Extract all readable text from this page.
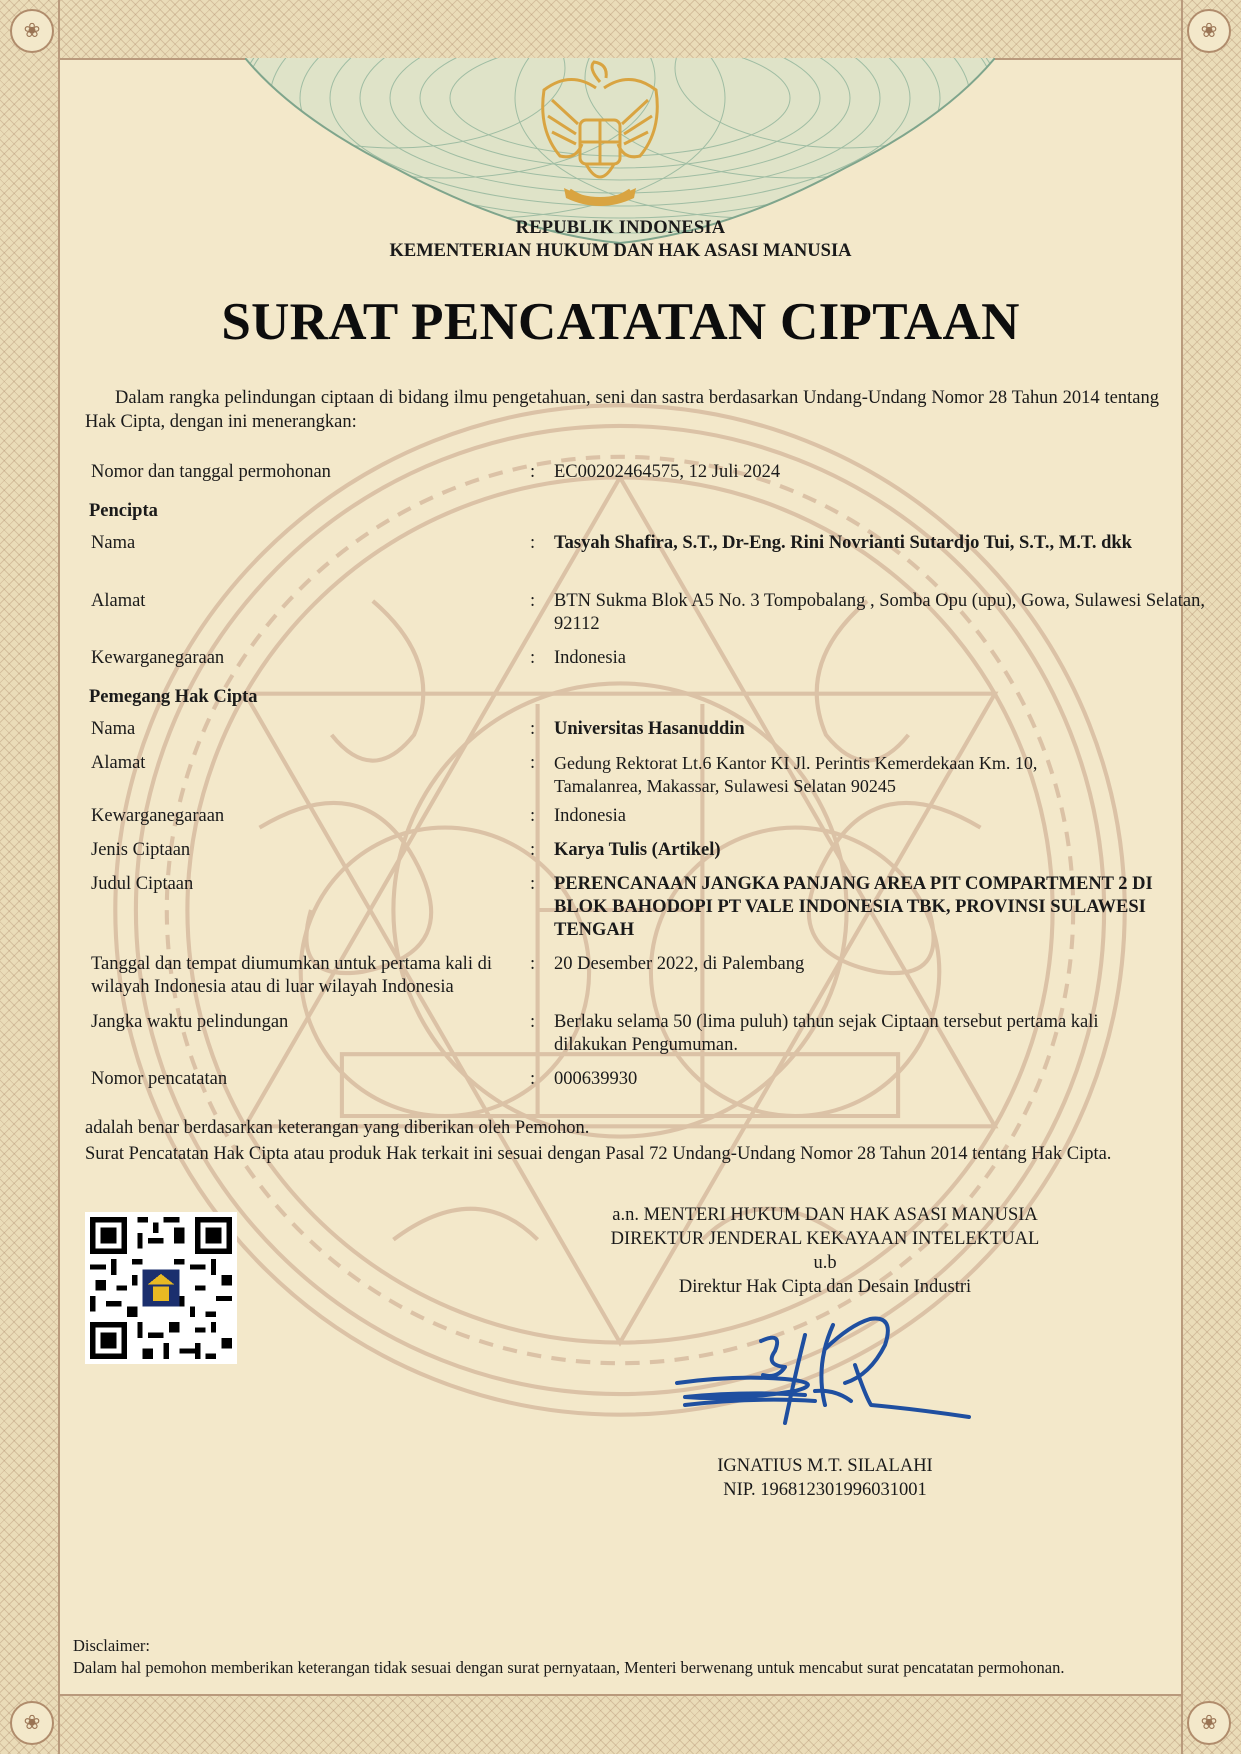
❀	❀
❀	❀
REPUBLIK INDONESIA
KEMENTERIAN HUKUM DAN HAK ASASI MANUSIA
SURAT PENCATATAN CIPTAAN
Dalam rangka pelindungan ciptaan di bidang ilmu pengetahuan, seni dan sastra berdasarkan Undang-Undang Nomor 28 Tahun 2014 tentang Hak Cipta, dengan ini menerangkan:
Nomor dan tanggal permohonan	: EC00202464575, 12 Juli 2024
Pencipta
Nama	: Tasyah Shafira, S.T., Dr-Eng. Rini Novrianti Sutardjo Tui, S.T., M.T. dkk
Alamat	: BTN Sukma Blok A5 No. 3 Tompobalang , Somba Opu (upu), Gowa, Sulawesi Selatan, 92112
Kewarganegaraan	: Indonesia
Pemegang Hak Cipta
Nama	: Universitas Hasanuddin
Alamat	: Gedung Rektorat Lt.6 Kantor KI Jl. Perintis Kemerdekaan Km. 10, Tamalanrea, Makassar, Sulawesi Selatan 90245
Kewarganegaraan	: Indonesia
Jenis Ciptaan	: Karya Tulis (Artikel)
Judul Ciptaan	: PERENCANAAN JANGKA PANJANG AREA PIT COMPARTMENT 2 DI BLOK BAHODOPI PT VALE INDONESIA TBK, PROVINSI SULAWESI TENGAH
Tanggal dan tempat diumumkan untuk pertama kali di wilayah Indonesia atau di luar wilayah Indonesia
: 20 Desember 2022, di Palembang
Jangka waktu pelindungan	: Berlaku selama 50 (lima puluh) tahun sejak Ciptaan tersebut pertama kali dilakukan Pengumuman.
Nomor pencatatan	: 000639930
adalah benar berdasarkan keterangan yang diberikan oleh Pemohon.
Surat Pencatatan Hak Cipta atau produk Hak terkait ini sesuai dengan Pasal 72 Undang-Undang Nomor 28 Tahun 2014 tentang Hak Cipta.
a.n. MENTERI HUKUM DAN HAK ASASI MANUSIA
DIREKTUR JENDERAL KEKAYAAN INTELEKTUAL
u.b
Direktur Hak Cipta dan Desain Industri
IGNATIUS M.T. SILALAHI
NIP. 196812301996031001
Disclaimer:
Dalam hal pemohon memberikan keterangan tidak sesuai dengan surat pernyataan, Menteri berwenang untuk mencabut surat pencatatan permohonan.
